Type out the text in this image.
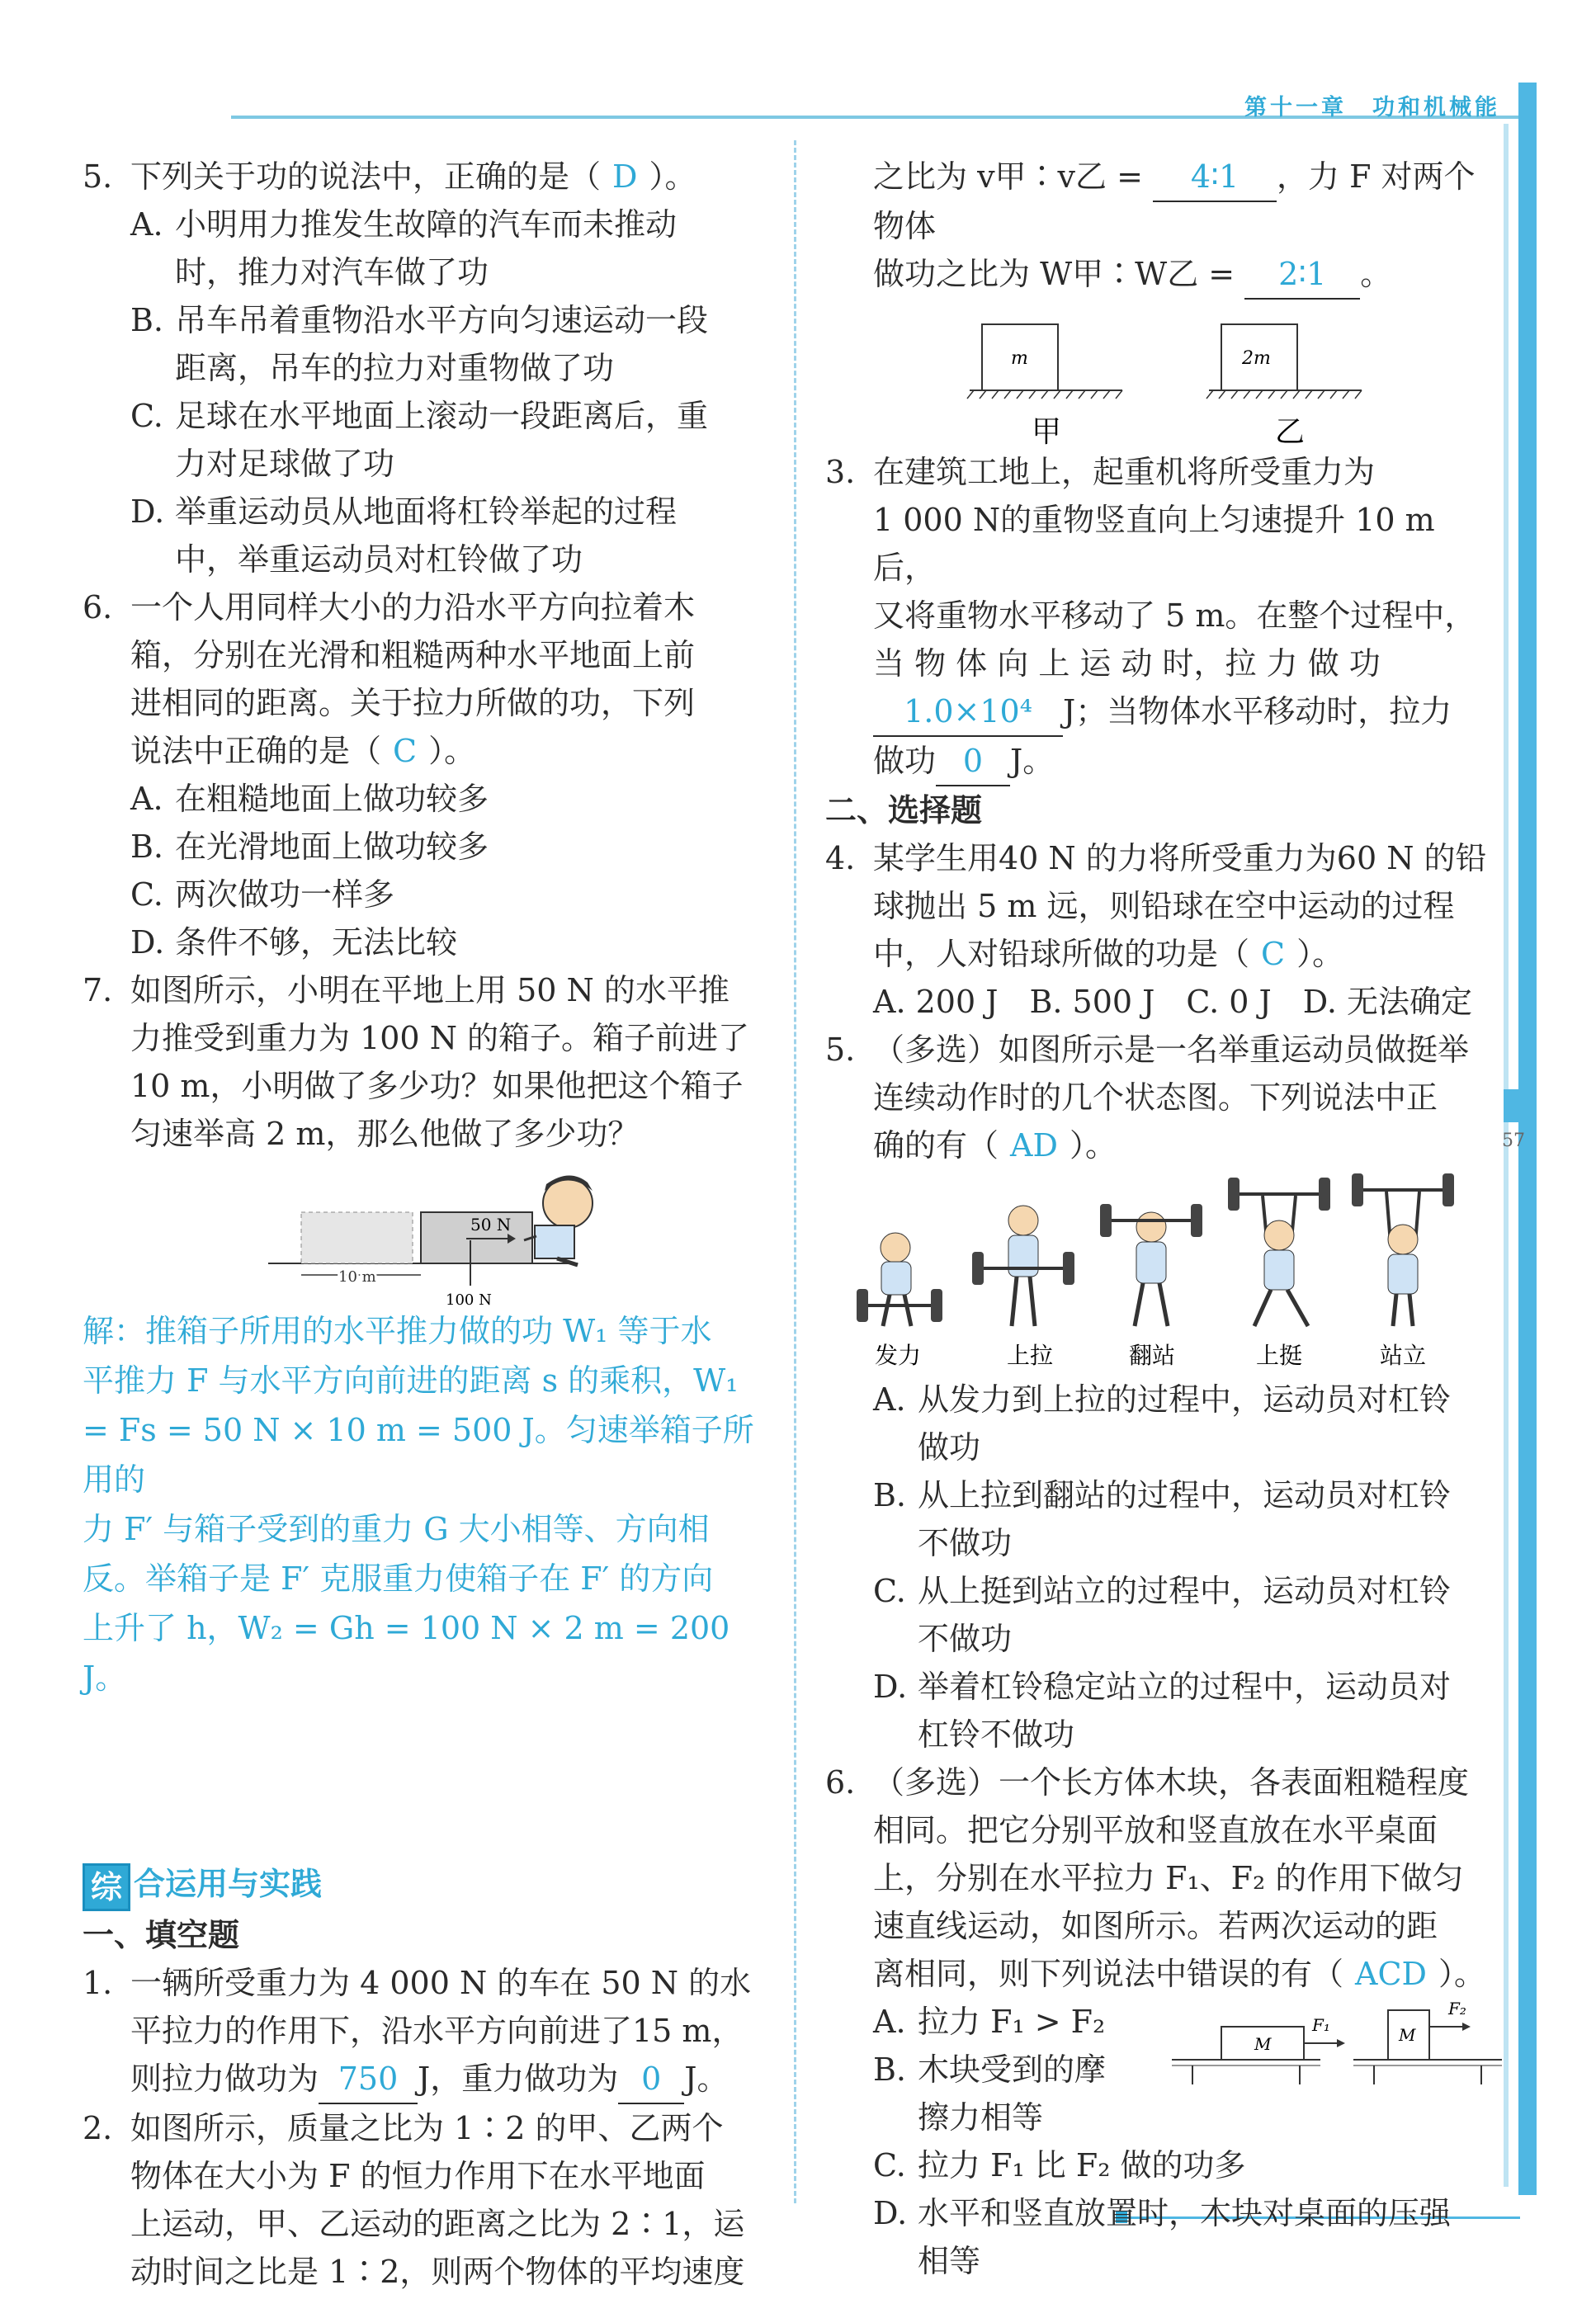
第十一章　功和机械能
57
5. 下列关于功的说法中，正确的是（ D ）。
A. 小明用力推发生故障的汽车而未推动
时，推力对汽车做了功
B. 吊车吊着重物沿水平方向匀速运动一段
距离，吊车的拉力对重物做了功
C. 足球在水平地面上滚动一段距离后，重
力对足球做了功
D. 举重运动员从地面将杠铃举起的过程
中，举重运动员对杠铃做了功
6. 一个人用同样大小的力沿水平方向拉着木
箱，分别在光滑和粗糙两种水平地面上前
进相同的距离。关于拉力所做的功，下列
说法中正确的是（ C ）。
A. 在粗糙地面上做功较多
B. 在光滑地面上做功较多
C. 两次做功一样多
D. 条件不够，无法比较
7. 如图所示，小明在平地上用 50 N 的水平推
力推受到重力为 100 N 的箱子。箱子前进了
10 m，小明做了多少功？如果他把这个箱子
匀速举高 2 m，那么他做了多少功？
50 N
100 N
10 m
解：推箱子所用的水平推力做的功 W₁ 等于水
平推力 F 与水平方向前进的距离 s 的乘积，W₁
= Fs = 50 N × 10 m = 500 J。匀速举箱子所用的
力 F′ 与箱子受到的重力 G 大小相等、方向相
反。举箱子是 F′ 克服重力使箱子在 F′ 的方向
上升了 h，W₂ = Gh = 100 N × 2 m = 200 J。
综 合运用与实践
一、填空题
1. 一辆所受重力为 4 000 N 的车在 50 N 的水
平拉力的作用下，沿水平方向前进了15 m，
则拉力做功为 750 J，重力做功为 0 J。
2. 如图所示，质量之比为 1∶2 的甲、乙两个
物体在大小为 F 的恒力作用下在水平地面
上运动，甲、乙运动的距离之比为 2∶1，运
动时间之比是 1∶2，则两个物体的平均速度
之比为 v甲∶v乙 = 4∶1 ，力 F 对两个物体
做功之比为 W甲∶W乙 = 2∶1 。
m
甲
2m
乙
3. 在建筑工地上，起重机将所受重力为
1 000 N的重物竖直向上匀速提升 10 m 后，
又将重物水平移动了 5 m。在整个过程中，
当 物 体 向 上 运 动 时，拉 力 做 功
1.0×10⁴ J；当物体水平移动时，拉力
做功 0 J。
二、选择题
4. 某学生用40 N 的力将所受重力为60 N 的铅
球抛出 5 m 远，则铅球在空中运动的过程
中，人对铅球所做的功是（ C ）。
A. 200 J　B. 500 J　C. 0 J　D. 无法确定
5. （多选）如图所示是一名举重运动员做挺举
连续动作时的几个状态图。下列说法中正
确的有（ AD ）。
发力	上拉	翻站	上挺	站立
A. 从发力到上拉的过程中，运动员对杠铃
做功
B. 从上拉到翻站的过程中，运动员对杠铃
不做功
C. 从上挺到站立的过程中，运动员对杠铃
不做功
D. 举着杠铃稳定站立的过程中，运动员对
杠铃不做功
6. （多选）一个长方体木块，各表面粗糙程度
相同。把它分别平放和竖直放在水平桌面
上，分别在水平拉力 F₁、F₂ 的作用下做匀
速直线运动，如图所示。若两次运动的距
离相同，则下列说法中错误的有（ ACD ）。
A. 拉力 F₁ > F₂
B. 木块受到的摩
擦力相等
C. 拉力 F₁ 比 F₂ 做的功多
D. 水平和竖直放置时，木块对桌面的压强
相等
M
F₁	M
F₂
